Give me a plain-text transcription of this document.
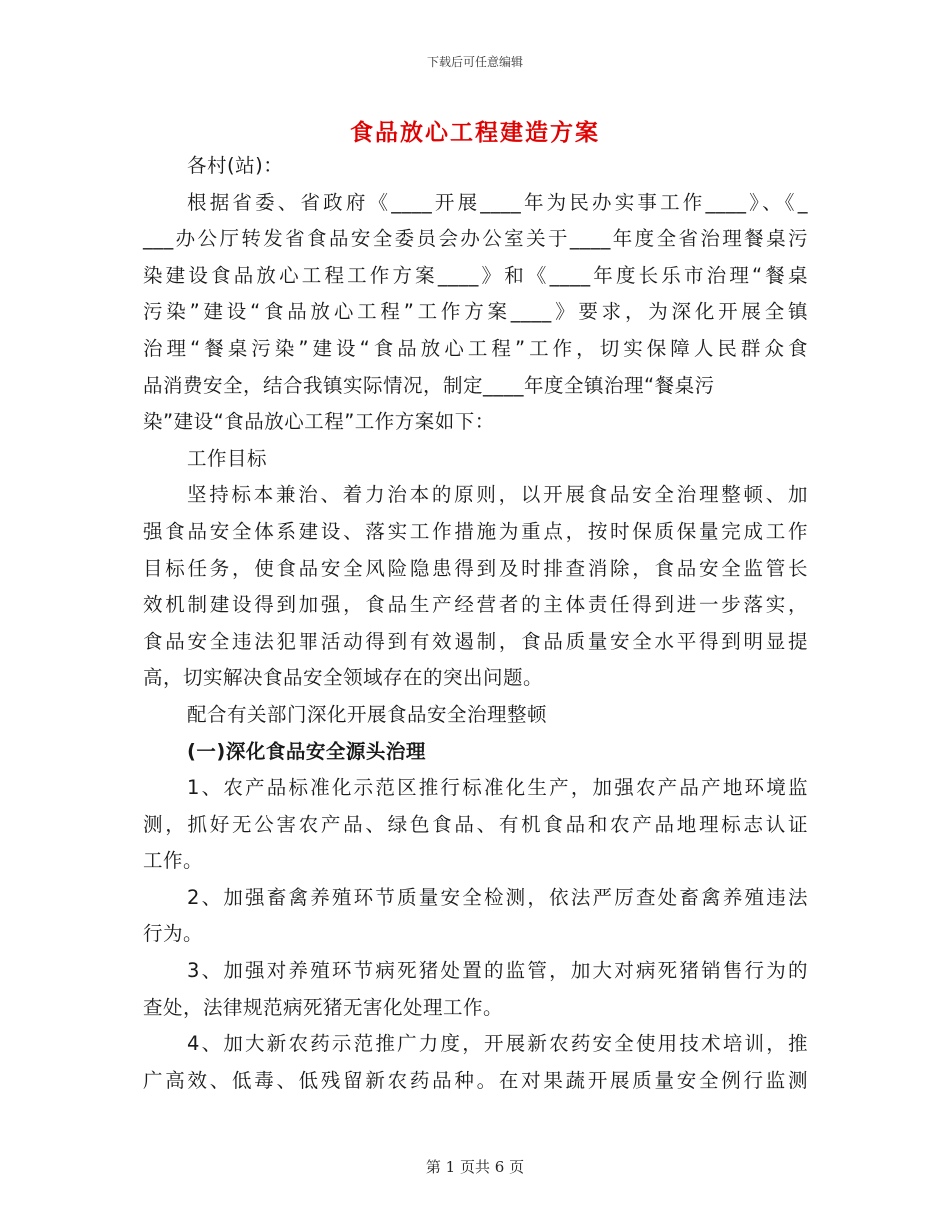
下载后可任意编辑
食品放心工程建造方案
各村(站)：
根据省委、省政府《____开展____年为民办实事工作____》、《_
___办公厅转发省食品安全委员会办公室关于____年度全省治理餐桌污
染建设食品放心工程工作方案____》和《____年度长乐市治理“餐桌
污染”建设“食品放心工程”工作方案____》要求，为深化开展全镇
治理“餐桌污染”建设“食品放心工程”工作，切实保障人民群众食
品消费安全，结合我镇实际情况，制定____年度全镇治理“餐桌污
染”建设“食品放心工程”工作方案如下：
工作目标
坚持标本兼治、着力治本的原则，以开展食品安全治理整顿、加
强食品安全体系建设、落实工作措施为重点，按时保质保量完成工作
目标任务，使食品安全风险隐患得到及时排查消除，食品安全监管长
效机制建设得到加强，食品生产经营者的主体责任得到进一步落实，
食品安全违法犯罪活动得到有效遏制，食品质量安全水平得到明显提
高，切实解决食品安全领域存在的突出问题。
配合有关部门深化开展食品安全治理整顿
(一)深化食品安全源头治理
1、农产品标准化示范区推行标准化生产，加强农产品产地环境监
测，抓好无公害农产品、绿色食品、有机食品和农产品地理标志认证
工作。
2、加强畜禽养殖环节质量安全检测，依法严厉查处畜禽养殖违法
行为。
3、加强对养殖环节病死猪处置的监管，加大对病死猪销售行为的
查处，法律规范病死猪无害化处理工作。
4、加大新农药示范推广力度，开展新农药安全使用技术培训，推
广高效、低毒、低残留新农药品种。在对果蔬开展质量安全例行监测
第 1 页共 6 页
